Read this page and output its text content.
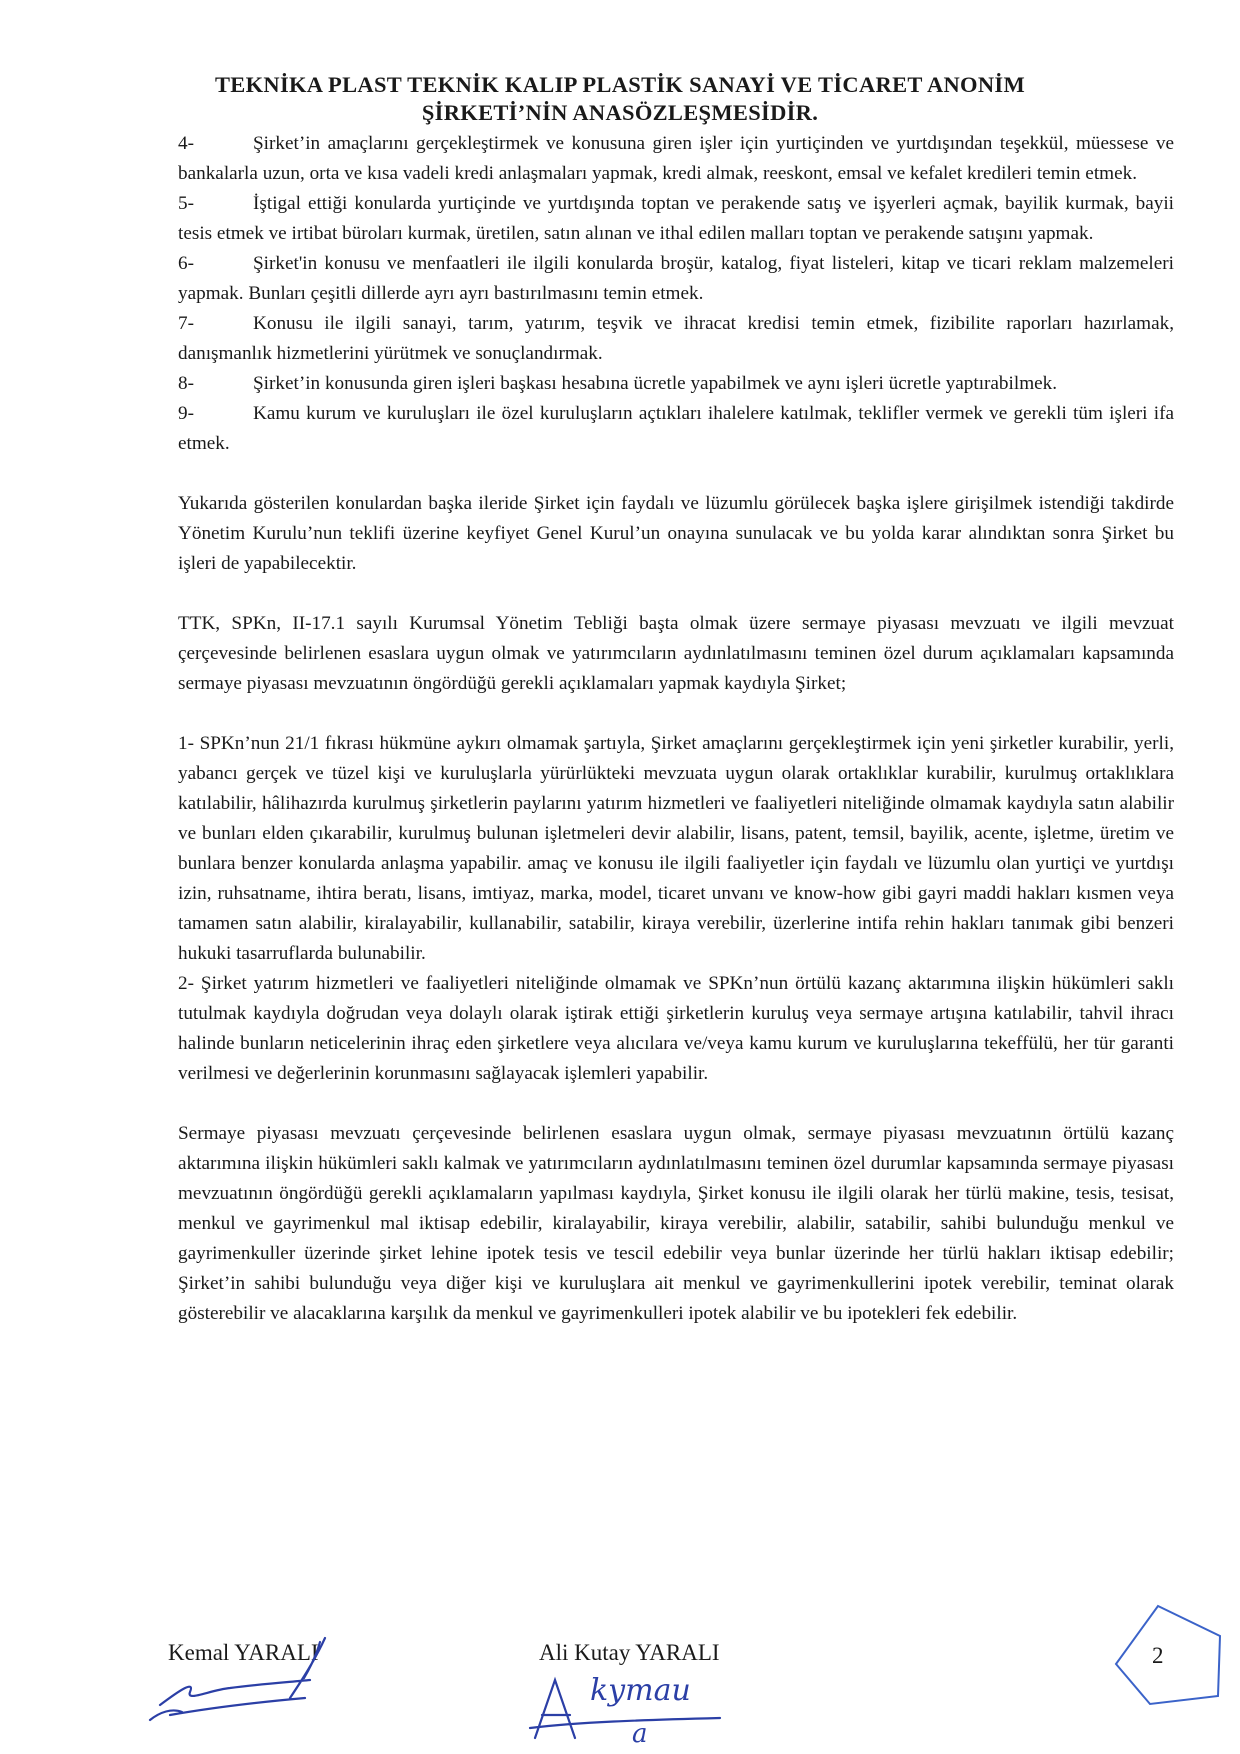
TEKNİKA PLAST TEKNİK KALIP PLASTİK SANAYİ VE TİCARET ANONİM
ŞİRKETİ’NİN ANASÖZLEŞMESİDİR.

4-	Şirket’in amaçlarını gerçekleştirmek ve konusuna giren işler için yurtiçinden ve yurtdışından teşekkül, müessese ve bankalarla uzun, orta ve kısa vadeli kredi anlaşmaları yapmak, kredi almak, reeskont, emsal ve kefalet kredileri temin etmek.

5-	İştigal ettiği konularda yurtiçinde ve yurtdışında toptan ve perakende satış ve işyerleri açmak, bayilik kurmak, bayii tesis etmek ve irtibat büroları kurmak, üretilen, satın alınan ve ithal edilen malları toptan ve perakende satışını yapmak.

6-	Şirket'in konusu ve menfaatleri ile ilgili konularda broşür, katalog, fiyat listeleri, kitap ve ticari reklam malzemeleri yapmak. Bunları çeşitli dillerde ayrı ayrı bastırılmasını temin etmek.

7-	Konusu ile ilgili sanayi, tarım, yatırım, teşvik ve ihracat kredisi temin etmek, fizibilite raporları hazırlamak, danışmanlık hizmetlerini yürütmek ve sonuçlandırmak.

8-	Şirket’in konusunda giren işleri başkası hesabına ücretle yapabilmek ve aynı işleri ücretle yaptırabilmek.

9-	Kamu kurum ve kuruluşları ile özel kuruluşların açtıkları ihalelere katılmak, teklifler vermek ve gerekli tüm işleri ifa etmek.

Yukarıda gösterilen konulardan başka ileride Şirket için faydalı ve lüzumlu görülecek başka işlere girişilmek istendiği takdirde Yönetim Kurulu’nun teklifi üzerine keyfiyet Genel Kurul’un onayına sunulacak ve bu yolda karar alındıktan sonra Şirket bu işleri de yapabilecektir.

TTK, SPKn, II-17.1 sayılı Kurumsal Yönetim Tebliği başta olmak üzere sermaye piyasası mevzuatı ve ilgili mevzuat çerçevesinde belirlenen esaslara uygun olmak ve yatırımcıların aydınlatılmasını teminen özel durum açıklamaları kapsamında sermaye piyasası mevzuatının öngördüğü gerekli açıklamaları yapmak kaydıyla Şirket;

1- SPKn’nun 21/1 fıkrası hükmüne aykırı olmamak şartıyla, Şirket amaçlarını gerçekleştirmek için yeni şirketler kurabilir, yerli, yabancı gerçek ve tüzel kişi ve kuruluşlarla yürürlükteki mevzuata uygun olarak ortaklıklar kurabilir, kurulmuş ortaklıklara katılabilir, hâlihazırda kurulmuş şirketlerin paylarını yatırım hizmetleri ve faaliyetleri niteliğinde olmamak kaydıyla satın alabilir ve bunları elden çıkarabilir, kurulmuş bulunan işletmeleri devir alabilir, lisans, patent, temsil, bayilik, acente, işletme, üretim ve bunlara benzer konularda anlaşma yapabilir. amaç ve konusu ile ilgili faaliyetler için faydalı ve lüzumlu olan yurtiçi ve yurtdışı izin, ruhsatname, ihtira beratı, lisans, imtiyaz, marka, model, ticaret unvanı ve know-how gibi gayri maddi hakları kısmen veya tamamen satın alabilir, kiralayabilir, kullanabilir, satabilir, kiraya verebilir, üzerlerine intifa rehin hakları tanımak gibi benzeri hukuki tasarruflarda bulunabilir.

2- Şirket yatırım hizmetleri ve faaliyetleri niteliğinde olmamak ve SPKn’nun örtülü kazanç aktarımına ilişkin hükümleri saklı tutulmak kaydıyla doğrudan veya dolaylı olarak iştirak ettiği şirketlerin kuruluş veya sermaye artışına katılabilir, tahvil ihracı halinde bunların neticelerinin ihraç eden şirketlere veya alıcılara ve/veya kamu kurum ve kuruluşlarına tekeffülü, her tür garanti verilmesi ve değerlerinin korunmasını sağlayacak işlemleri yapabilir.

Sermaye piyasası mevzuatı çerçevesinde belirlenen esaslara uygun olmak, sermaye piyasası mevzuatının örtülü kazanç aktarımına ilişkin hükümleri saklı kalmak ve yatırımcıların aydınlatılmasını teminen özel durumlar kapsamında sermaye piyasası mevzuatının öngördüğü gerekli açıklamaların yapılması kaydıyla, Şirket konusu ile ilgili olarak her türlü makine, tesis, tesisat, menkul ve gayrimenkul mal iktisap edebilir, kiralayabilir, kiraya verebilir, alabilir, satabilir, sahibi bulunduğu menkul ve gayrimenkuller üzerinde şirket lehine ipotek tesis ve tescil edebilir veya bunlar üzerinde her türlü hakları iktisap edebilir; Şirket’in sahibi bulunduğu veya diğer kişi ve kuruluşlara ait menkul ve gayrimenkullerini ipotek verebilir, teminat olarak gösterebilir ve alacaklarına karşılık da menkul ve gayrimenkulleri ipotek alabilir ve bu ipotekleri fek edebilir.

Kemal YARALI	Ali Kutay YARALI
kymau
a
2
